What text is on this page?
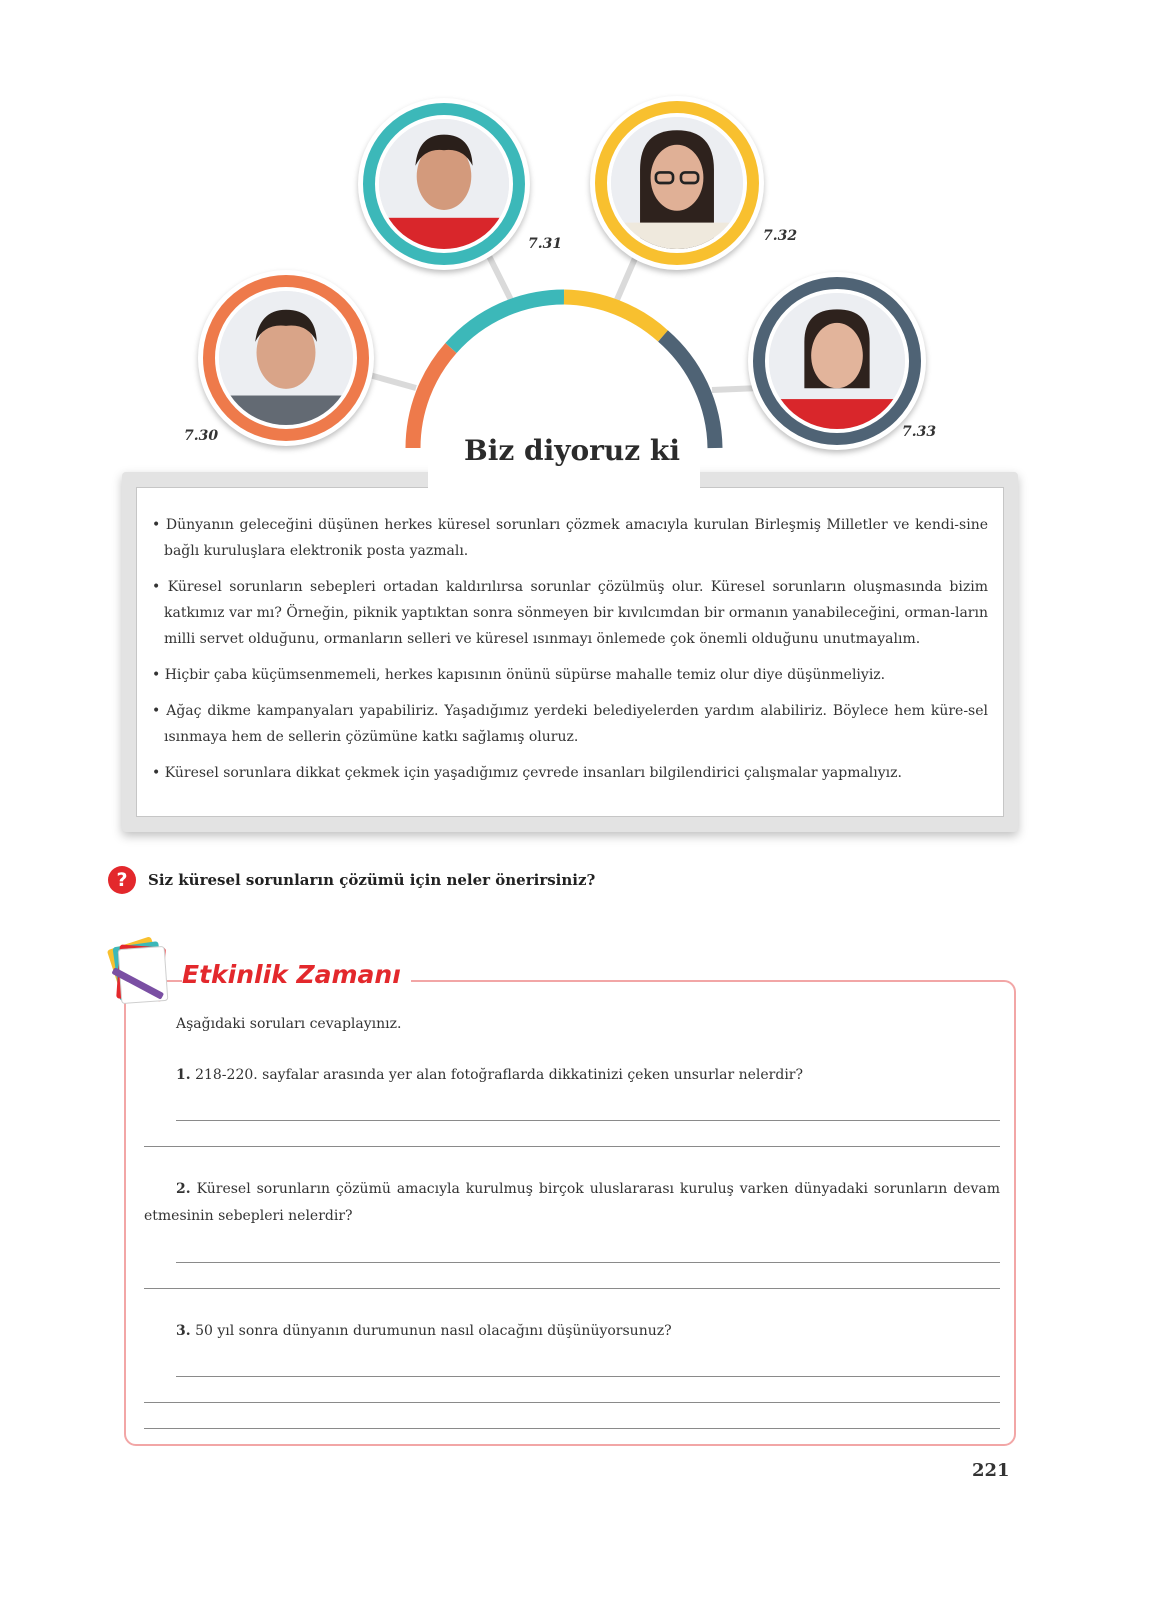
7.30
7.31	7.32
7.33
Biz diyoruz ki
• Dünyanın geleceğini düşünen herkes küresel sorunları çözmek amacıyla kurulan Birleşmiş Milletler ve kendi-sine bağlı kuruluşlara elektronik posta yazmalı.
• Küresel sorunların sebepleri ortadan kaldırılırsa sorunlar çözülmüş olur. Küresel sorunların oluşmasında bizim katkımız var mı? Örneğin, piknik yaptıktan sonra sönmeyen bir kıvılcımdan bir ormanın yanabileceğini, orman-ların milli servet olduğunu, ormanların selleri ve küresel ısınmayı önlemede çok önemli olduğunu unutmayalım.
• Hiçbir çaba küçümsenmemeli, herkes kapısının önünü süpürse mahalle temiz olur diye düşünmeliyiz.
• Ağaç dikme kampanyaları yapabiliriz. Yaşadığımız yerdeki belediyelerden yardım alabiliriz. Böylece hem küre-sel ısınmaya hem de sellerin çözümüne katkı sağlamış oluruz.
• Küresel sorunlara dikkat çekmek için yaşadığımız çevrede insanları bilgilendirici çalışmalar yapmalıyız.
?	Siz küresel sorunların çözümü için neler önerirsiniz?
Etkinlik Zamanı
Aşağıdaki soruları cevaplayınız.
1. 218-220. sayfalar arasında yer alan fotoğraflarda dikkatinizi çeken unsurlar nelerdir?
2. Küresel sorunların çözümü amacıyla kurulmuş birçok uluslararası kuruluş varken dünyadaki sorunların devam etmesinin sebepleri nelerdir?
3. 50 yıl sonra dünyanın durumunun nasıl olacağını düşünüyorsunuz?
221
